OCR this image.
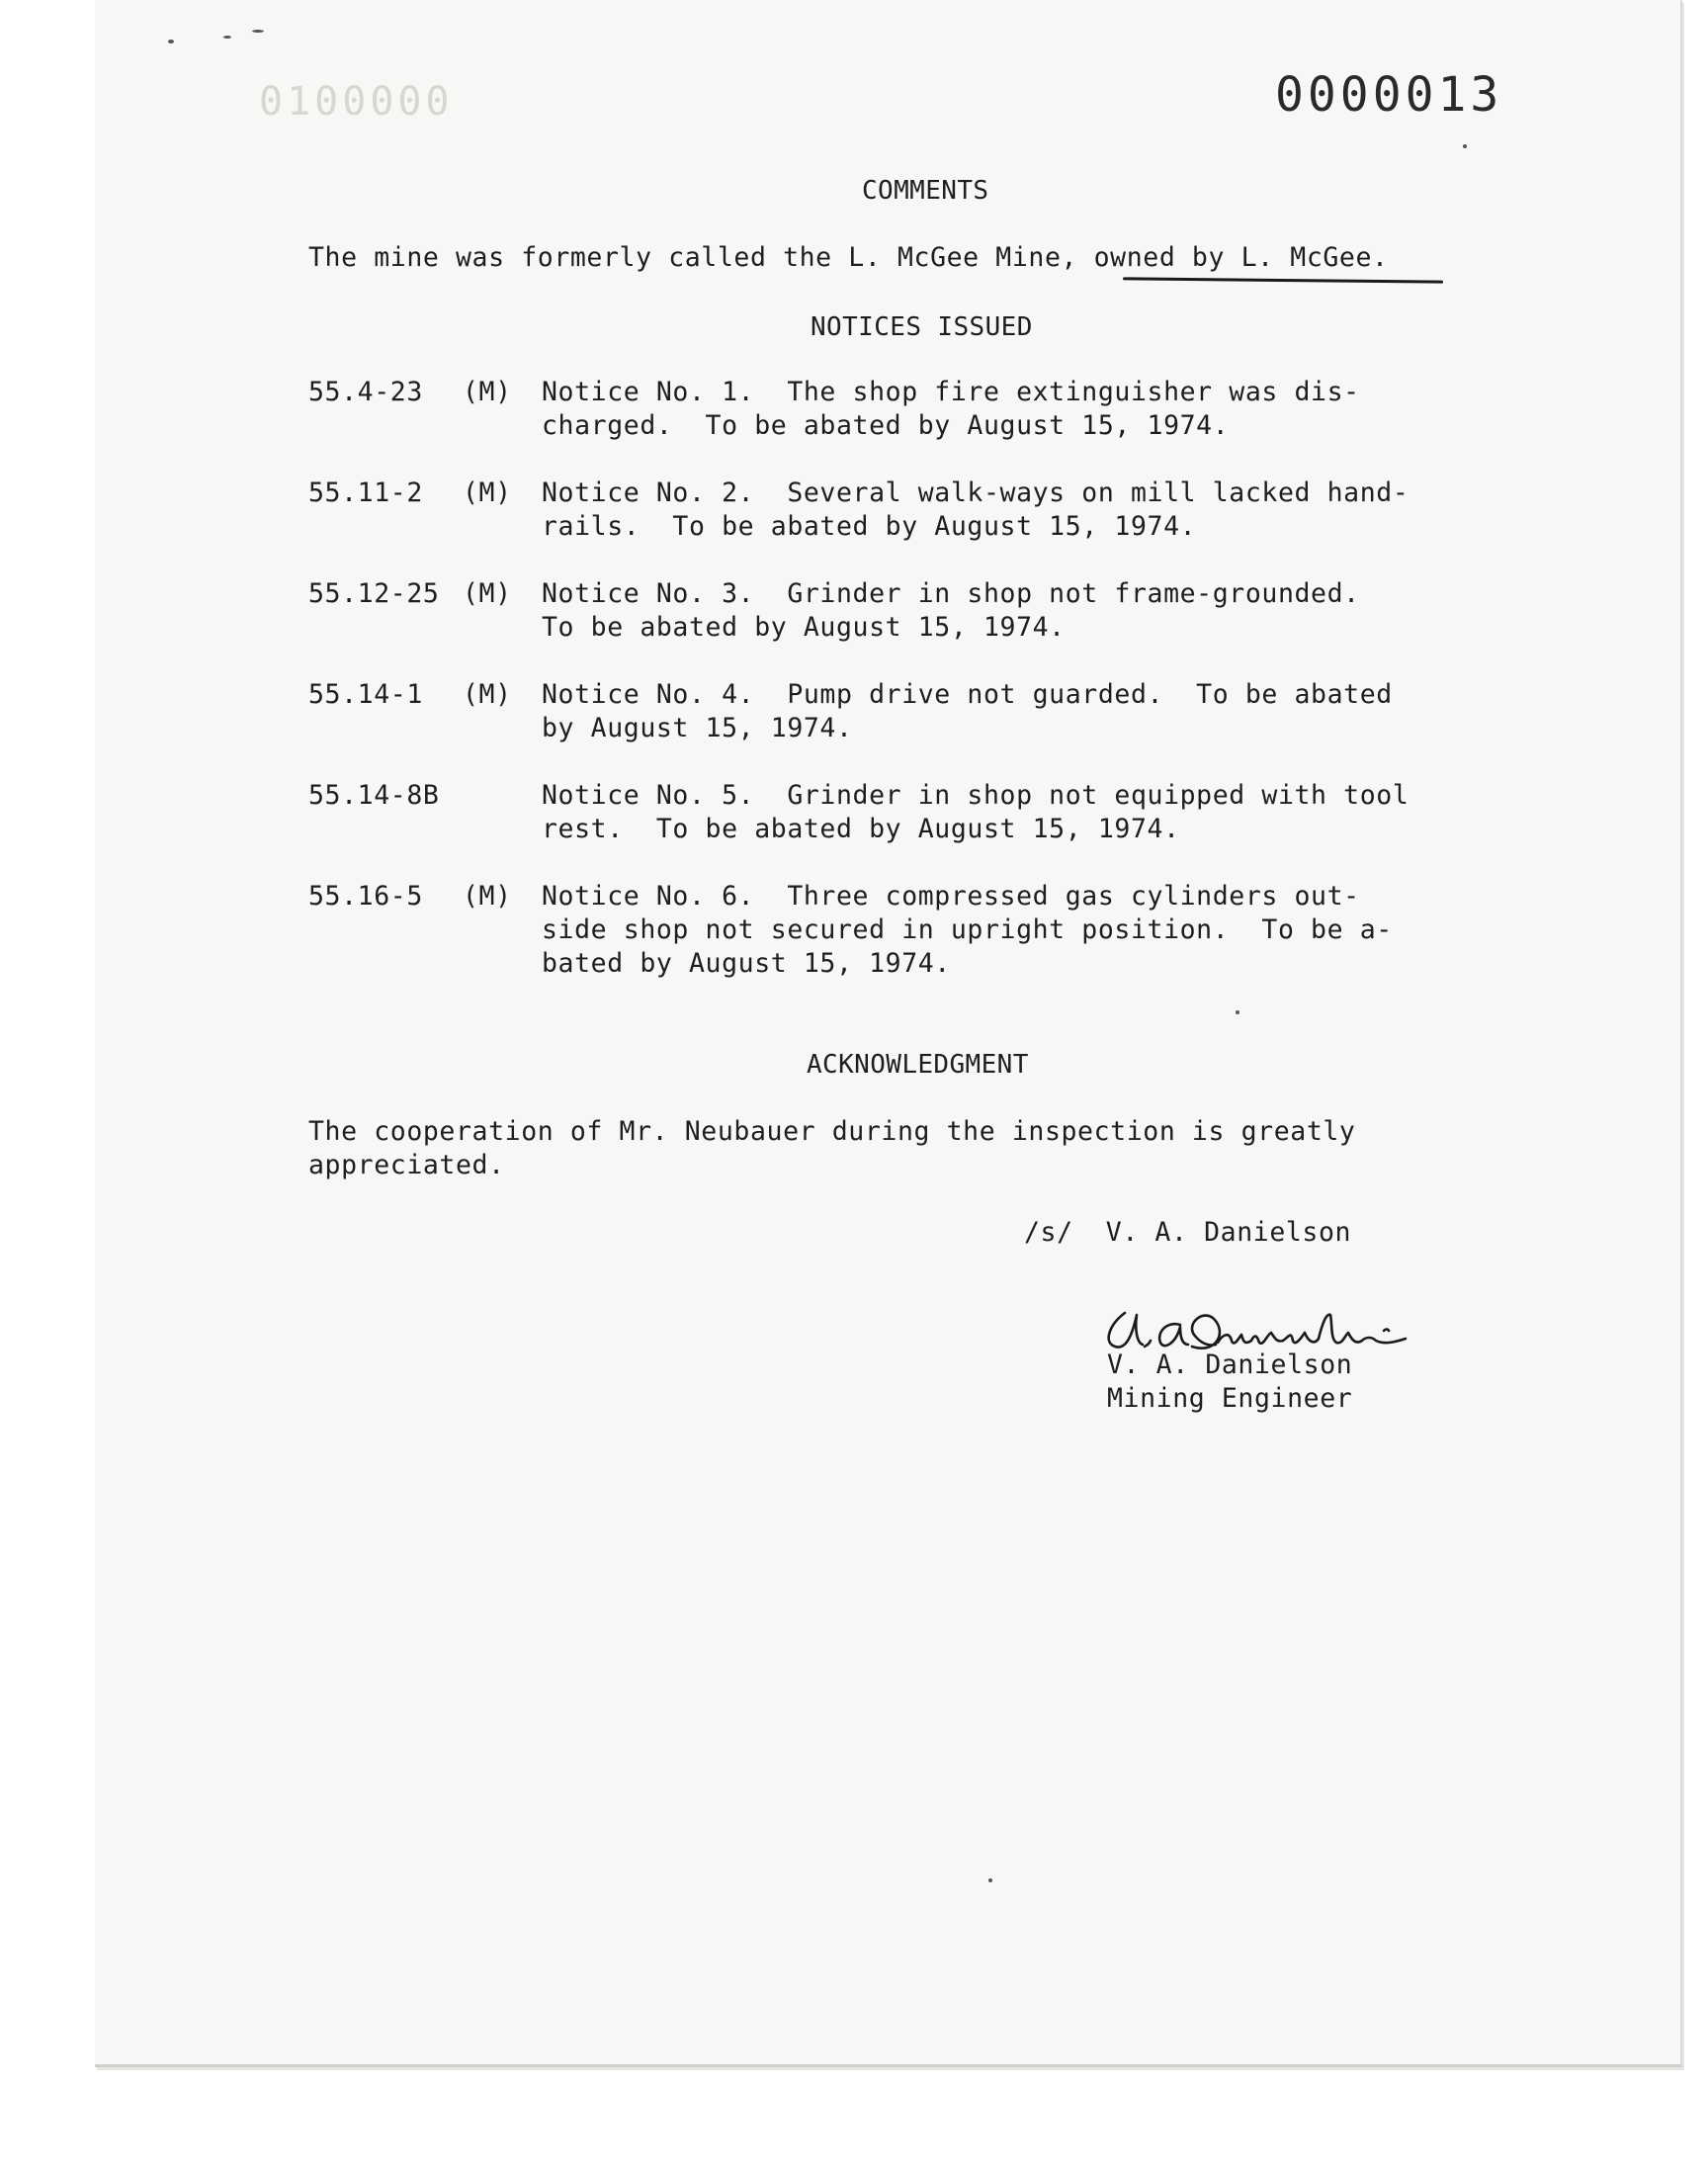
0100000	0000013
COMMENTS
The mine was formerly called the L. McGee Mine, owned by L. McGee.
NOTICES ISSUED
55.4-23 (M) Notice No. 1.  The shop fire extinguisher was dis-
charged.  To be abated by August 15, 1974.
55.11-2 (M) Notice No. 2.  Several walk-ways on mill lacked hand-
rails.  To be abated by August 15, 1974.
55.12-25 (M) Notice No. 3.  Grinder in shop not frame-grounded.
To be abated by August 15, 1974.
55.14-1 (M) Notice No. 4.  Pump drive not guarded.  To be abated
by August 15, 1974.
55.14-8B	Notice No. 5.  Grinder in shop not equipped with tool
rest.  To be abated by August 15, 1974.
55.16-5 (M) Notice No. 6.  Three compressed gas cylinders out-
side shop not secured in upright position.  To be a-
bated by August 15, 1974.
ACKNOWLEDGMENT
The cooperation of Mr. Neubauer during the inspection is greatly
appreciated.
/s/  V. A. Danielson
V. A. Danielson
Mining Engineer
